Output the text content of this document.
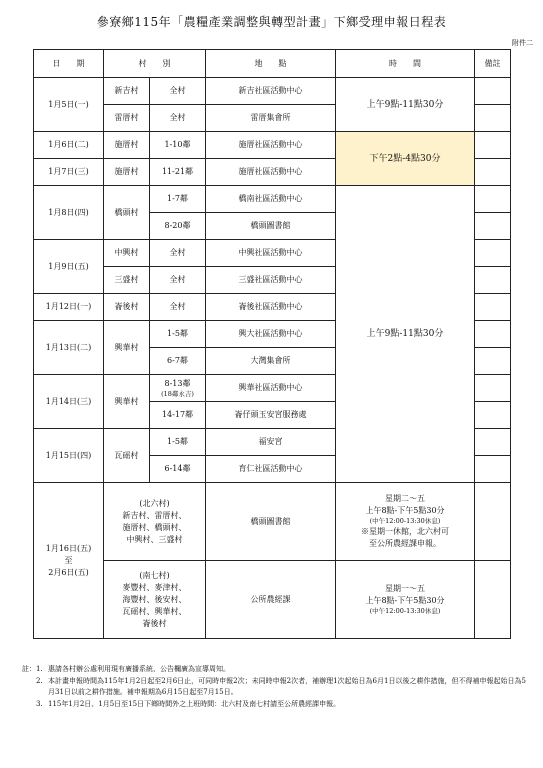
參寮鄉115年「農糧產業調整與轉型計畫」下鄉受理申報日程表
附件二
日　　期	村　　別		地　　點	時　　間	備註
1月5日(一)	新吉村	全村	新吉社區活動中心	上午9點-11點30分	
	雷厝村	全村	雷厝集會所		
1月6日(二)	施厝村	1-10鄰	施厝社區活動中心	下午2點-4點30分	
1月7日(三)	施厝村	11-21鄰	施厝社區活動中心		
1月8日(四)	橋頭村	1-7鄰	橋南社區活動中心	上午9點-11點30分	
		8-20鄰	橋頭圖書館		
1月9日(五)	中興村	全村	中興社區活動中心		
	三盛村	全村	三盛社區活動中心		
1月12日(一)	崙後村	全村	崙後社區活動中心		
1月13日(二)	興華村	1-5鄰	興大社區活動中心		
		6-7鄰	大灣集會所		
1月14日(三)	興華村	8-13鄰
(18鄰永吉)	興華社區活動中心		
		14-17鄰	崙仔頭玉安宮服務處		
1月15日(四)	瓦磘村	1-5鄰	福安宮		
		6-14鄰	育仁社區活動中心		

1月16日(五)
至
2月6日(五)	(北六村)
新吉村、雷厝村、
施厝村、橋頭村、
中興村、三盛村		橋頭圖書館	星期二～五
上午8點-下午5點30分
(中午12:00-13:30休息)
※星期一休館，北六村可
至公所農經課申報。	

	(南七村)
麥豐村、麥津村、
海豐村、後安村、
瓦磘村、興華村、
崙後村		公所農經課	星期一～五
上午8點-下午5點30分
(中午12:00-13:30休息)	

註： 1. 惠請各村辦公處利用現有廣播系統、公告欄廣為宣導周知。
2. 本計畫申報時間為115年1月2日起至2月6日止，可同時申報2次；未同時申報2次者，補辦理1次起始日為6月1日以後之耕作措施，但不得補申報起始日為5月31日以前之耕作措施。補申報期為6月15日起至7月15日。
3. 115年1月2日、1月5日至15日下鄉時間外之上班時間：北六村及南七村請至公所農經課申報。
